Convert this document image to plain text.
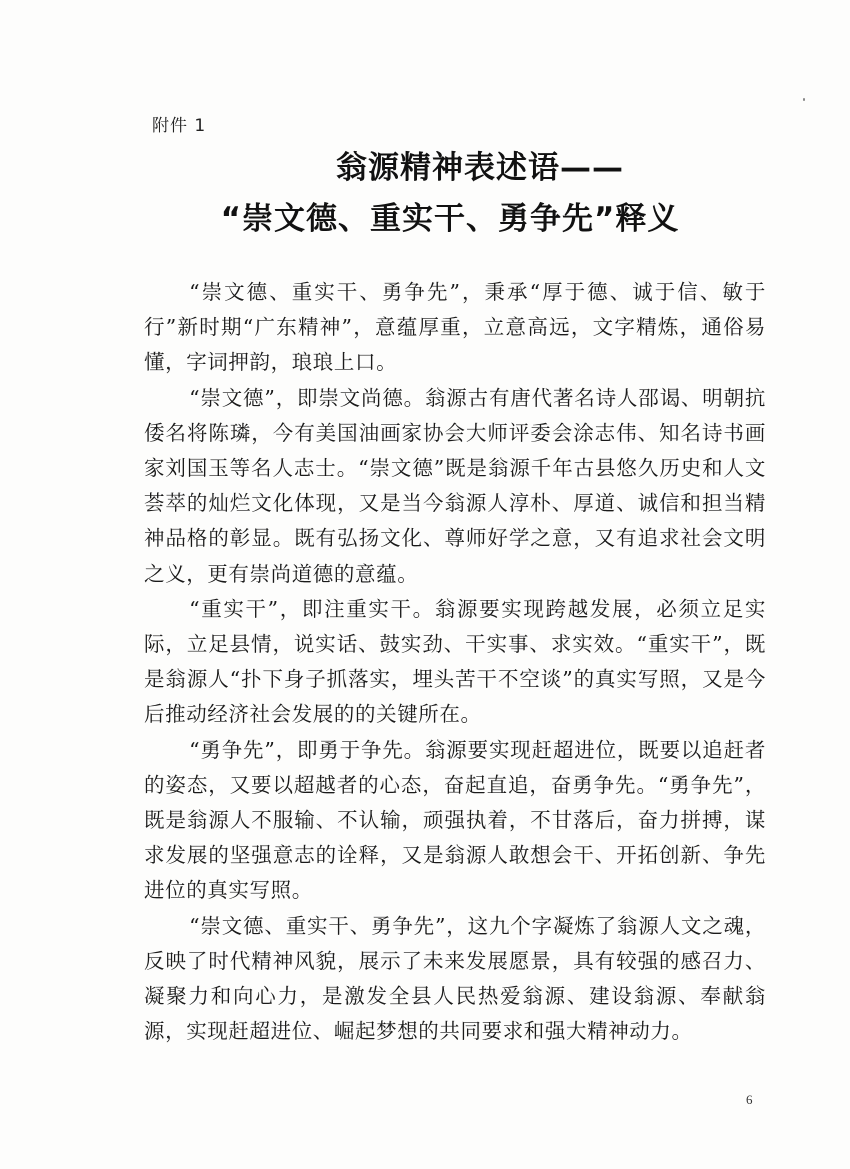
附件 1
翁源精神表述语——
“崇文德、重实干、勇争先”释义

“崇文德、重实干、勇争先”，秉承“厚于德、诚于信、敏于行”新时期“广东精神”，意蕴厚重，立意高远，文字精炼，通俗易懂，字词押韵，琅琅上口。

“崇文德”，即崇文尚德。翁源古有唐代著名诗人邵谒、明朝抗倭名将陈璘，今有美国油画家协会大师评委会涂志伟、知名诗书画家刘国玉等名人志士。“崇文德”既是翁源千年古县悠久历史和人文荟萃的灿烂文化体现，又是当今翁源人淳朴、厚道、诚信和担当精神品格的彰显。既有弘扬文化、尊师好学之意，又有追求社会文明之义，更有崇尚道德的意蕴。

“重实干”，即注重实干。翁源要实现跨越发展，必须立足实际，立足县情，说实话、鼓实劲、干实事、求实效。“重实干”，既是翁源人“扑下身子抓落实，埋头苦干不空谈”的真实写照，又是今后推动经济社会发展的的关键所在。

“勇争先”，即勇于争先。翁源要实现赶超进位，既要以追赶者的姿态，又要以超越者的心态，奋起直追，奋勇争先。“勇争先”，既是翁源人不服输、不认输，顽强执着，不甘落后，奋力拼搏，谋求发展的坚强意志的诠释，又是翁源人敢想会干、开拓创新、争先进位的真实写照。

“崇文德、重实干、勇争先”，这九个字凝炼了翁源人文之魂，反映了时代精神风貌，展示了未来发展愿景，具有较强的感召力、凝聚力和向心力，是激发全县人民热爱翁源、建设翁源、奉献翁源，实现赶超进位、崛起梦想的共同要求和强大精神动力。

6
